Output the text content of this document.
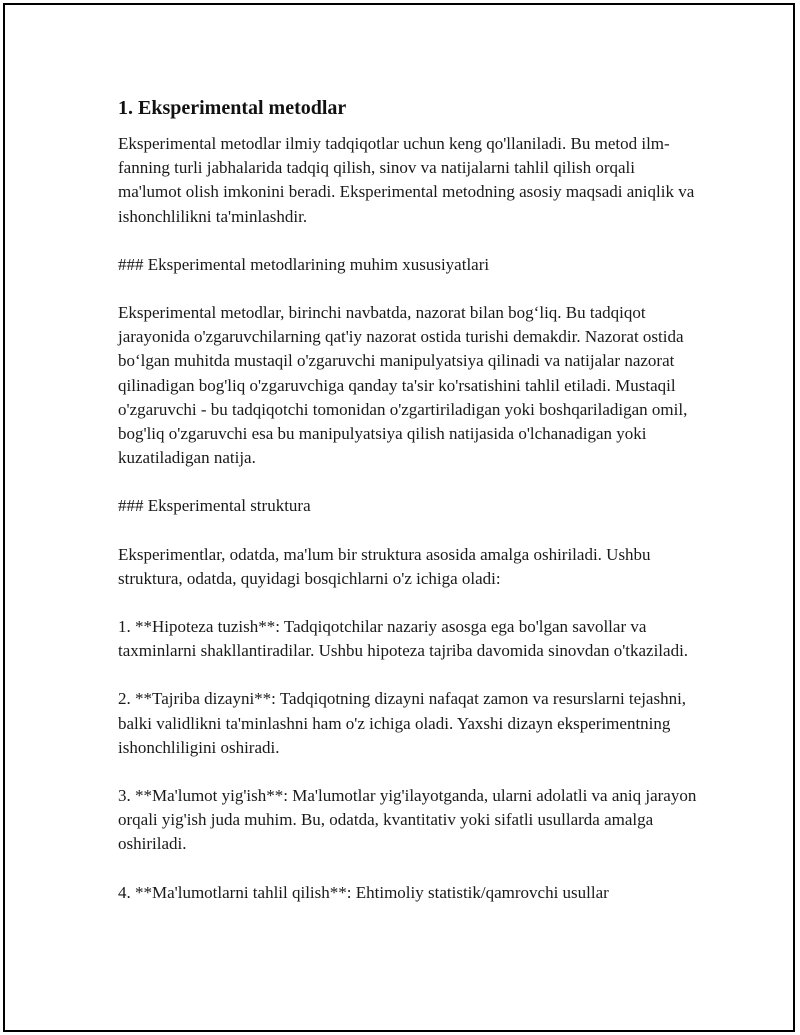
1. Eksperimental metodlar

Eksperimental metodlar ilmiy tadqiqotlar uchun keng qo'llaniladi. Bu metod ilm-fanning turli jabhalarida tadqiq qilish, sinov va natijalarni tahlil qilish orqali ma'lumot olish imkonini beradi. Eksperimental metodning asosiy maqsadi aniqlik va ishonchlilikni ta'minlashdir.

### Eksperimental metodlarining muhim xususiyatlari

Eksperimental metodlar, birinchi navbatda, nazorat bilan bog‘liq. Bu tadqiqot jarayonida o'zgaruvchilarning qat'iy nazorat ostida turishi demakdir. Nazorat ostida bo‘lgan muhitda mustaqil o'zgaruvchi manipulyatsiya qilinadi va natijalar nazorat qilinadigan bog'liq o'zgaruvchiga qanday ta'sir ko'rsatishini tahlil etiladi. Mustaqil o'zgaruvchi - bu tadqiqotchi tomonidan o'zgartiriladigan yoki boshqariladigan omil, bog'liq o'zgaruvchi esa bu manipulyatsiya qilish natijasida o'lchanadigan yoki kuzatiladigan natija.

### Eksperimental struktura

Eksperimentlar, odatda, ma'lum bir struktura asosida amalga oshiriladi. Ushbu struktura, odatda, quyidagi bosqichlarni o'z ichiga oladi:

1. **Hipoteza tuzish**: Tadqiqotchilar nazariy asosga ega bo'lgan savollar va taxminlarni shakllantiradilar. Ushbu hipoteza tajriba davomida sinovdan o'tkaziladi.

2. **Tajriba dizayni**: Tadqiqotning dizayni nafaqat zamon va resurslarni tejashni, balki validlikni ta'minlashni ham o'z ichiga oladi. Yaxshi dizayn eksperimentning ishonchliligini oshiradi.

3. **Ma'lumot yig'ish**: Ma'lumotlar yig'ilayotganda, ularni adolatli va aniq jarayon orqali yig'ish juda muhim. Bu, odatda, kvantitativ yoki sifatli usullarda amalga oshiriladi.

4. **Ma'lumotlarni tahlil qilish**: Ehtimoliy statistik/qamrovchi usullar
